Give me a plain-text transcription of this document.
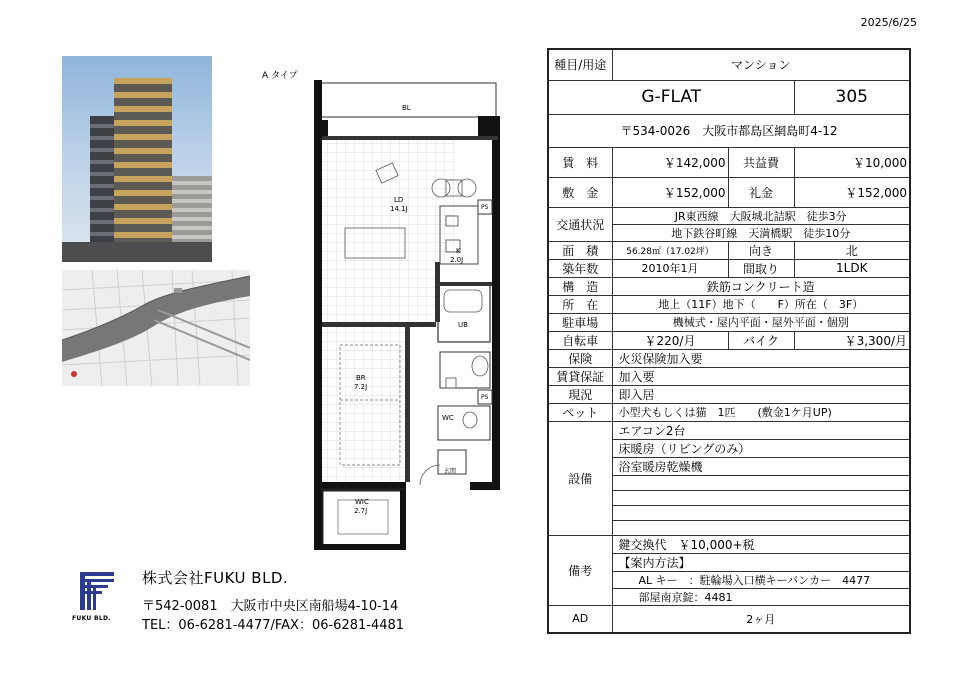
2025/6/25
A タイプ
BL
LD
14.1J	PS
K
2.0J
UB
BR
7.2J
PS
WC
玄関
WIC
2.7J
FUKU BLD.
株式会社FUKU BLD.
〒542-0081　大阪市中央区南船場4-10-14
TEL：06-6281-4477/FAX：06-6281-4481
種目/用途	マンション		
G-FLAT			305
〒534-0026　大阪市都島区網島町4-12			
賃　料	￥142,000	共益費	￥10,000
敷　金	￥152,000	礼金	￥152,000
交通状況	JR東西線　大阪城北詰駅　徒歩3分		
	地下鉄谷町線　天満橋駅　徒歩10分		
面　積	56.28㎡（17.02坪）	向き	北
築年数	2010年1月	間取り	1LDK
構　造	鉄筋コンクリート造		
所　在	地上（11F）地下（　　F）所在（　3F）		
駐車場	機械式・屋内平面・屋外平面・個別		
自転車	￥220/月	バイク	￥3,300/月
保険	火災保険加入要		
賃貸保証	加入要		
現況	即入居		
ペット	小型犬もしくは猫　1匹　　(敷金1ケ月UP)		
設備	エアコン2台		
	床暖房（リビングのみ）		
	浴室暖房乾燥機		

備考	鍵交換代　￥10,000+税		
	【案内方法】		
	AL キー　：駐輪場入口横キーバンカー　4477		
	部屋南京錠：4481		
AD	2ヶ月		
